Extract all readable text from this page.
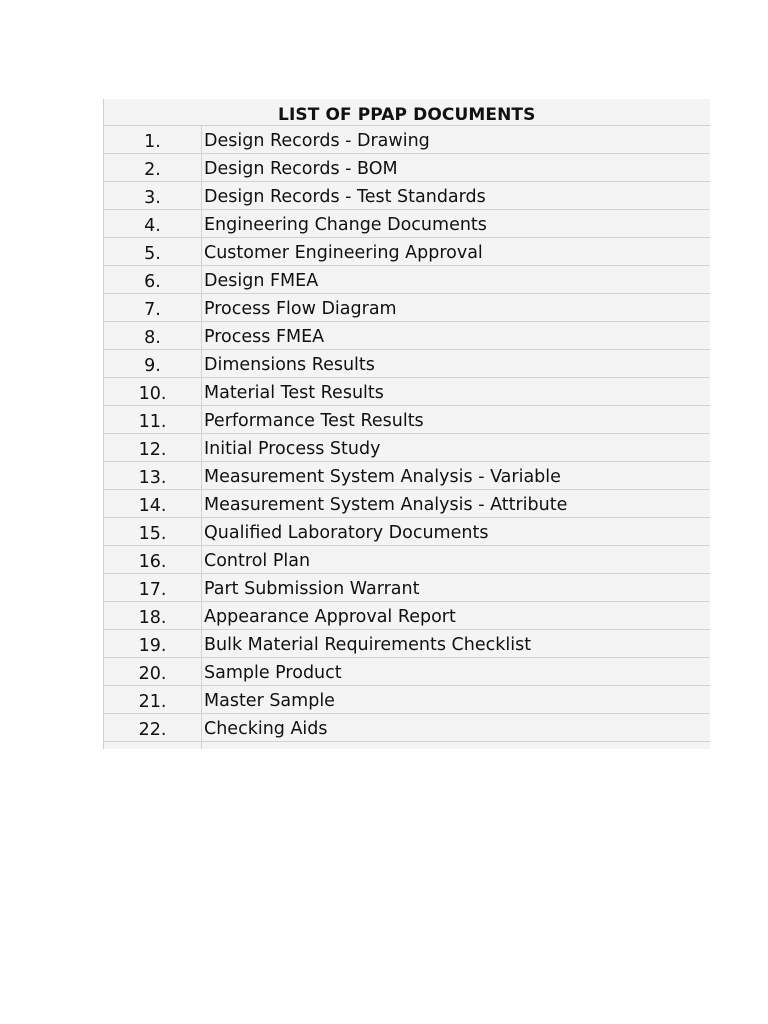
LIST OF PPAP DOCUMENTS	
1.	Design Records - Drawing
2.	Design Records - BOM
3.	Design Records - Test Standards
4.	Engineering Change Documents
5.	Customer Engineering Approval
6.	Design FMEA
7.	Process Flow Diagram
8.	Process FMEA
9.	Dimensions Results
10.	Material Test Results
11.	Performance Test Results
12.	Initial Process Study
13.	Measurement System Analysis - Variable
14.	Measurement System Analysis - Attribute
15.	Qualified Laboratory Documents
16.	Control Plan
17.	Part Submission Warrant
18.	Appearance Approval Report
19.	Bulk Material Requirements Checklist
20.	Sample Product
21.	Master Sample
22.	Checking Aids
